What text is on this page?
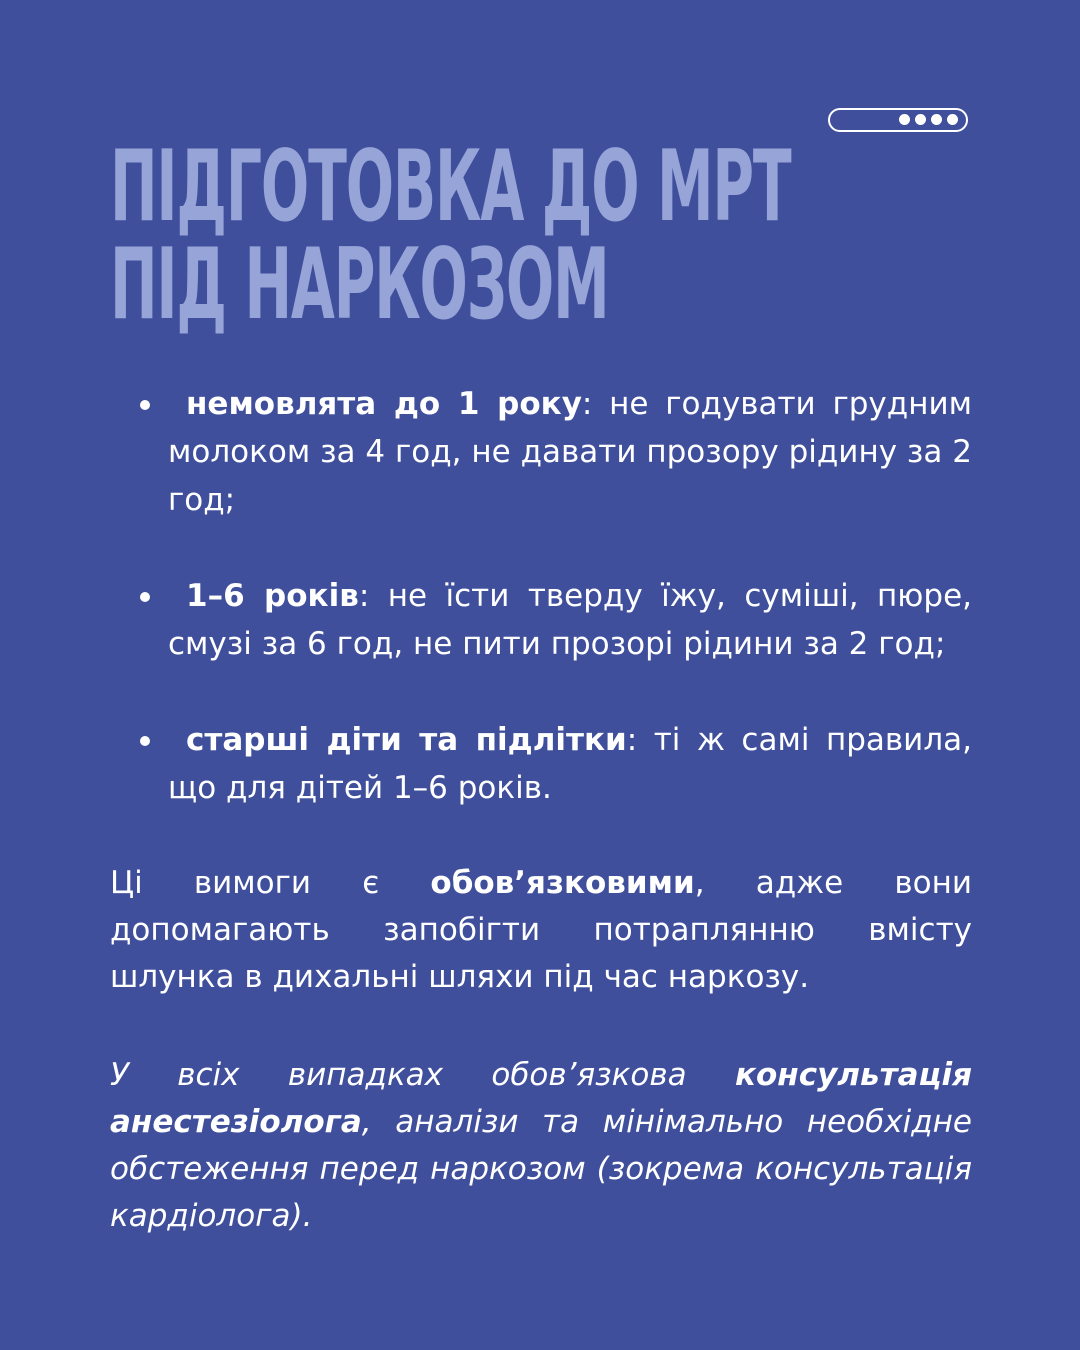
ПІДГОТОВКА ДО МРТ
ПІД НАРКОЗОМ
немовлята до 1 року: не годувати грудним молоком за 4 год, не давати прозору рідину за 2 год;
1–6 років: не їсти тверду їжу, суміші, пюре, смузі за 6 год, не пити прозорі рідини за 2 год;
старші діти та підлітки: ті ж самі правила, що для дітей 1–6 років.

Ці вимоги є обов’язковими, адже вони допомагають запобігти потраплянню вмісту шлунка в дихальні шляхи під час наркозу.

У всіх випадках обов’язкова консультація анестезіолога, аналізи та мінімально необхідне обстеження перед наркозом (зокрема консультація кардіолога).
